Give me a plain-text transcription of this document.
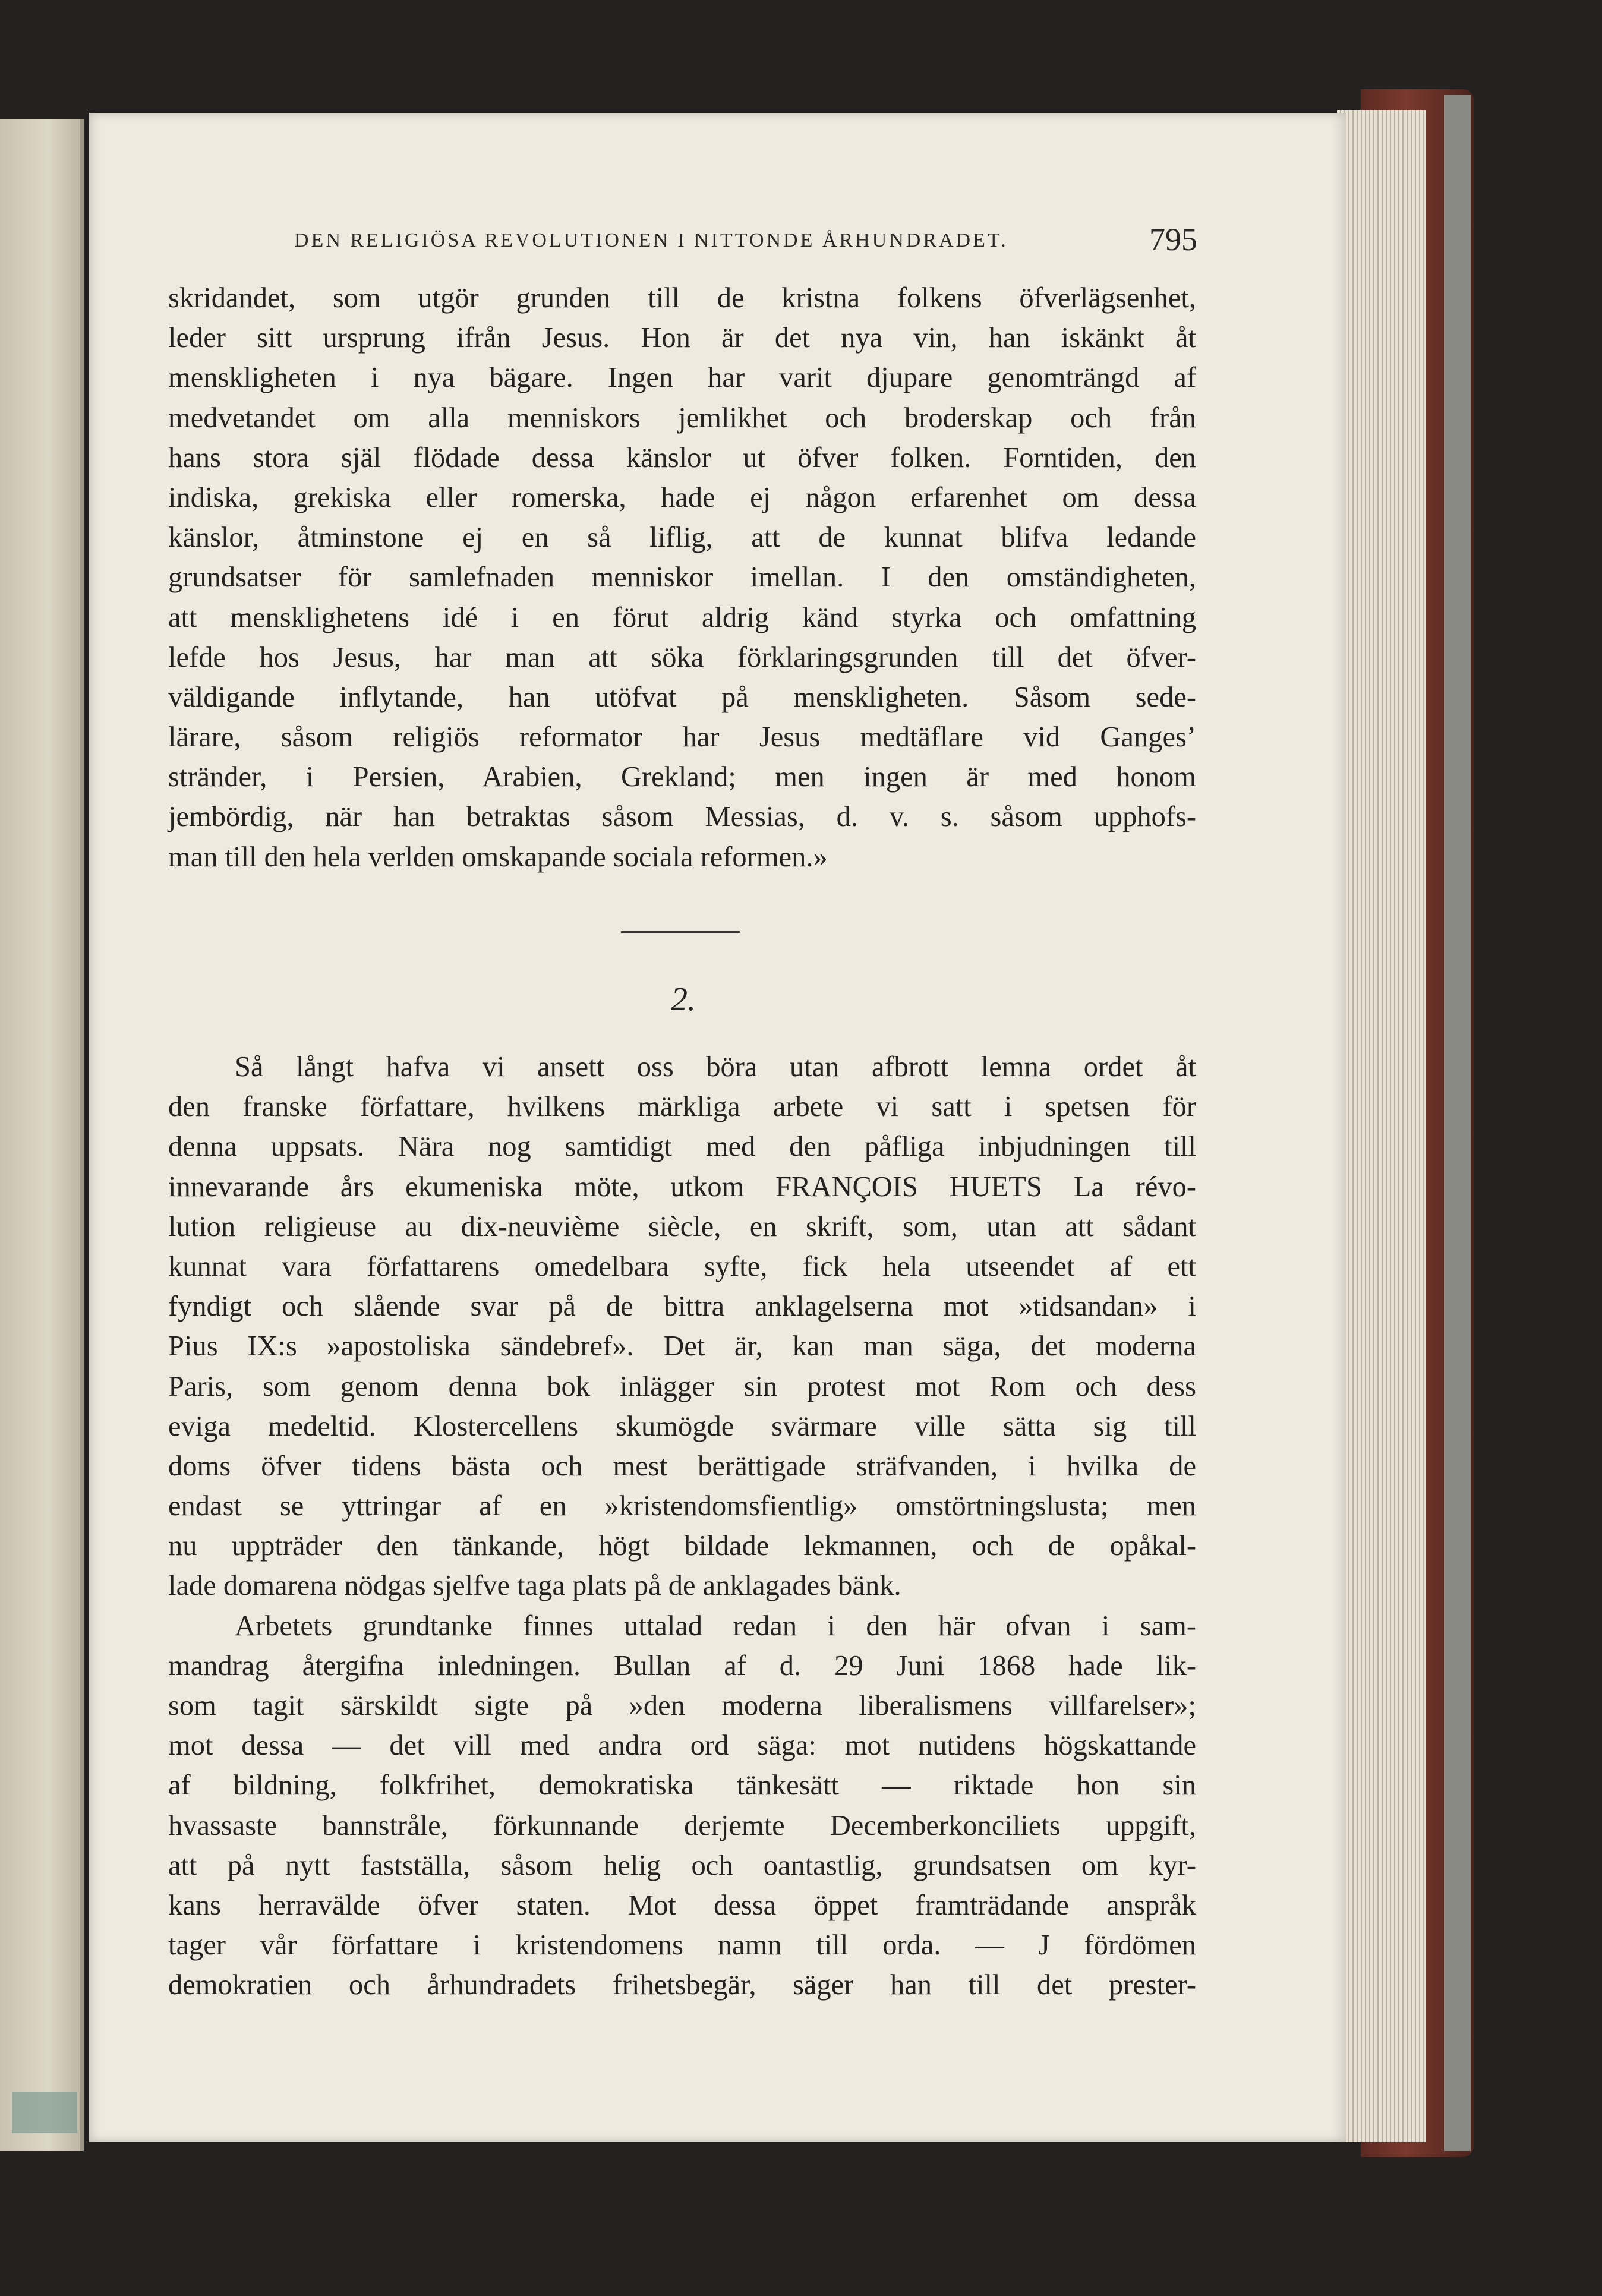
DEN RELIGIÖSA REVOLUTIONEN I NITTONDE ÅRHUNDRADET.	795
skridandet, som utgör grunden till de kristna folkens öfverlägsenhet,
leder sitt ursprung ifrån Jesus. Hon är det nya vin, han iskänkt åt
menskligheten i nya bägare. Ingen har varit djupare genomträngd af
medvetandet om alla menniskors jemlikhet och broderskap och från
hans stora själ flödade dessa känslor ut öfver folken. Forntiden, den
indiska, grekiska eller romerska, hade ej någon erfarenhet om dessa
känslor, åtminstone ej en så liflig, att de kunnat blifva ledande
grundsatser för samlefnaden menniskor imellan. I den omständigheten,
att mensklighetens idé i en förut aldrig känd styrka och omfattning
lefde hos Jesus, har man att söka förklaringsgrunden till det öfver-
väldigande inflytande, han utöfvat på menskligheten. Såsom sede-
lärare, såsom religiös reformator har Jesus medtäflare vid Ganges’
stränder, i Persien, Arabien, Grekland; men ingen är med honom
jembördig, när han betraktas såsom Messias, d. v. s. såsom upphofs-
man till den hela verlden omskapande sociala reformen.»
2.
Så långt hafva vi ansett oss böra utan afbrott lemna ordet åt
den franske författare, hvilkens märkliga arbete vi satt i spetsen för
denna uppsats. Nära nog samtidigt med den påfliga inbjudningen till
innevarande års ekumeniska möte, utkom FRANÇOIS HUETS La révo-
lution religieuse au dix-neuvième siècle, en skrift, som, utan att sådant
kunnat vara författarens omedelbara syfte, fick hela utseendet af ett
fyndigt och slående svar på de bittra anklagelserna mot »tidsandan» i
Pius IX:s »apostoliska sändebref». Det är, kan man säga, det moderna
Paris, som genom denna bok inlägger sin protest mot Rom och dess
eviga medeltid. Klostercellens skumögde svärmare ville sätta sig till
doms öfver tidens bästa och mest berättigade sträfvanden, i hvilka de
endast se yttringar af en »kristendomsfientlig» omstörtningslusta; men
nu uppträder den tänkande, högt bildade lekmannen, och de opåkal-
lade domarena nödgas sjelfve taga plats på de anklagades bänk.
Arbetets grundtanke finnes uttalad redan i den här ofvan i sam-
mandrag återgifna inledningen. Bullan af d. 29 Juni 1868 hade lik-
som tagit särskildt sigte på »den moderna liberalismens villfarelser»;
mot dessa — det vill med andra ord säga: mot nutidens högskattande
af bildning, folkfrihet, demokratiska tänkesätt — riktade hon sin
hvassaste bannstråle, förkunnande derjemte Decemberkonciliets uppgift,
att på nytt fastställa, såsom helig och oantastlig, grundsatsen om kyr-
kans herravälde öfver staten. Mot dessa öppet framträdande anspråk
tager vår författare i kristendomens namn till orda. — J fördömen
demokratien och århundradets frihetsbegär, säger han till det prester-
